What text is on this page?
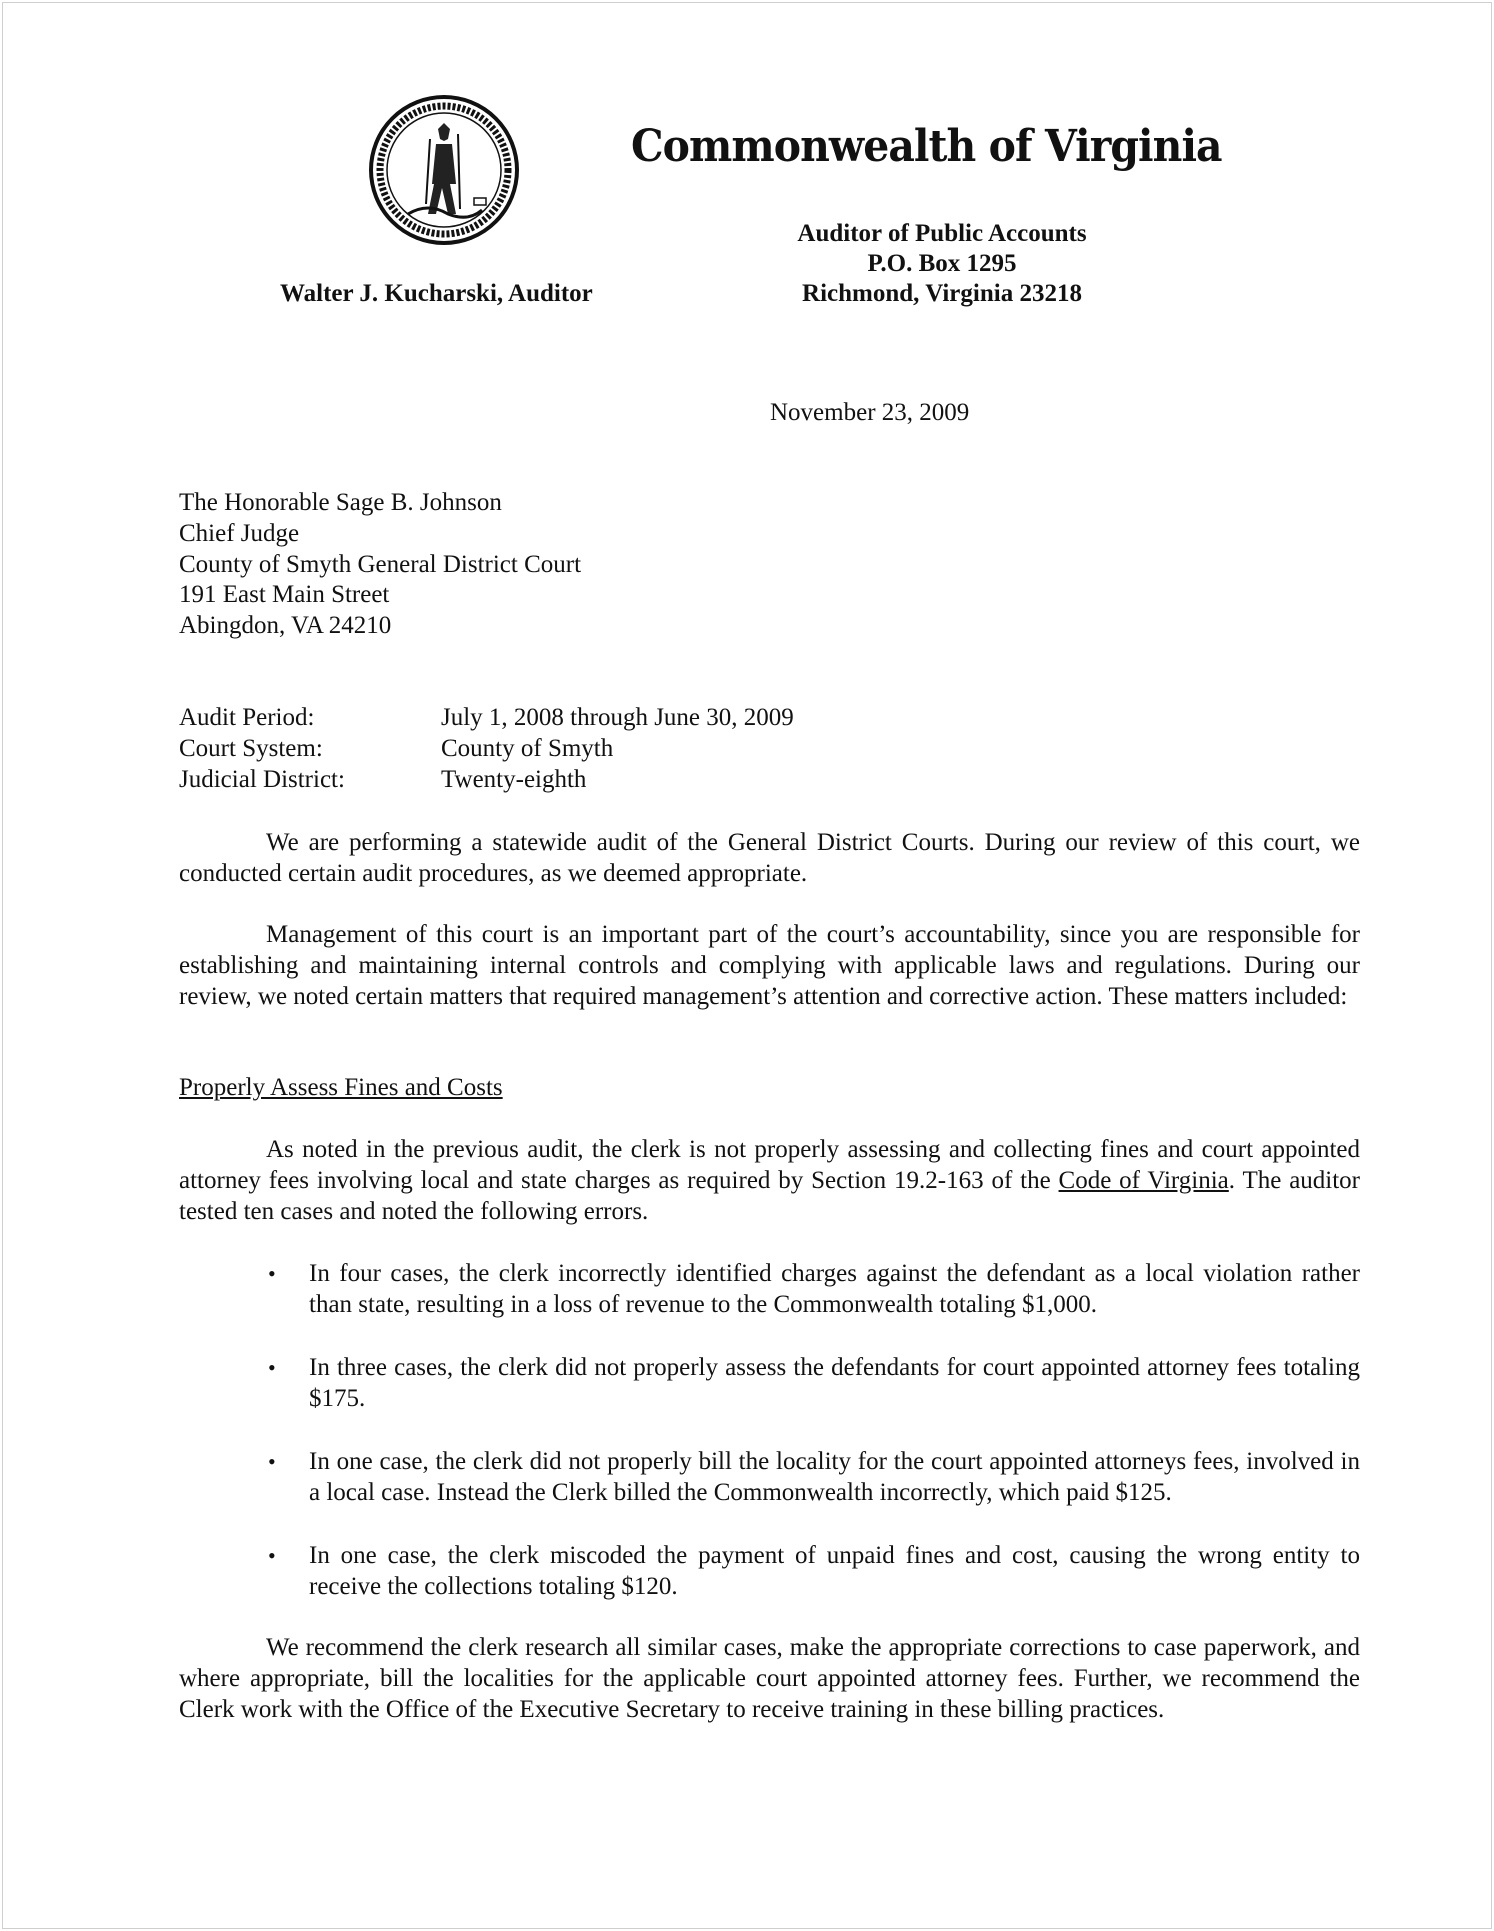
Commonwealth of Virginia
Auditor of Public Accounts
P.O. Box 1295
Richmond, Virginia 23218
Walter J. Kucharski, Auditor
November 23, 2009
The Honorable Sage B. Johnson
Chief Judge
County of Smyth General District Court
191 East Main Street
Abingdon, VA 24210
Audit Period:	July 1, 2008 through June 30, 2009
Court System:	County of Smyth
Judicial District:	Twenty-eighth
We are performing a statewide audit of the General District Courts. During our review of this court, we conducted certain audit procedures, as we deemed appropriate.
Management of this court is an important part of the court’s accountability, since you are responsible for establishing and maintaining internal controls and complying with applicable laws and regulations. During our review, we noted certain matters that required management’s attention and corrective action. These matters included:
Properly Assess Fines and Costs
As noted in the previous audit, the clerk is not properly assessing and collecting fines and court appointed attorney fees involving local and state charges as required by Section 19.2-163 of the Code of Virginia. The auditor tested ten cases and noted the following errors.
•	In four cases, the clerk incorrectly identified charges against the defendant as a local violation rather than state, resulting in a loss of revenue to the Commonwealth totaling $1,000.
•	In three cases, the clerk did not properly assess the defendants for court appointed attorney fees totaling $175.
•	In one case, the clerk did not properly bill the locality for the court appointed attorneys fees, involved in a local case. Instead the Clerk billed the Commonwealth incorrectly, which paid $125.
•	In one case, the clerk miscoded the payment of unpaid fines and cost, causing the wrong entity to receive the collections totaling $120.
We recommend the clerk research all similar cases, make the appropriate corrections to case paperwork, and where appropriate, bill the localities for the applicable court appointed attorney fees. Further, we recommend the Clerk work with the Office of the Executive Secretary to receive training in these billing practices.
